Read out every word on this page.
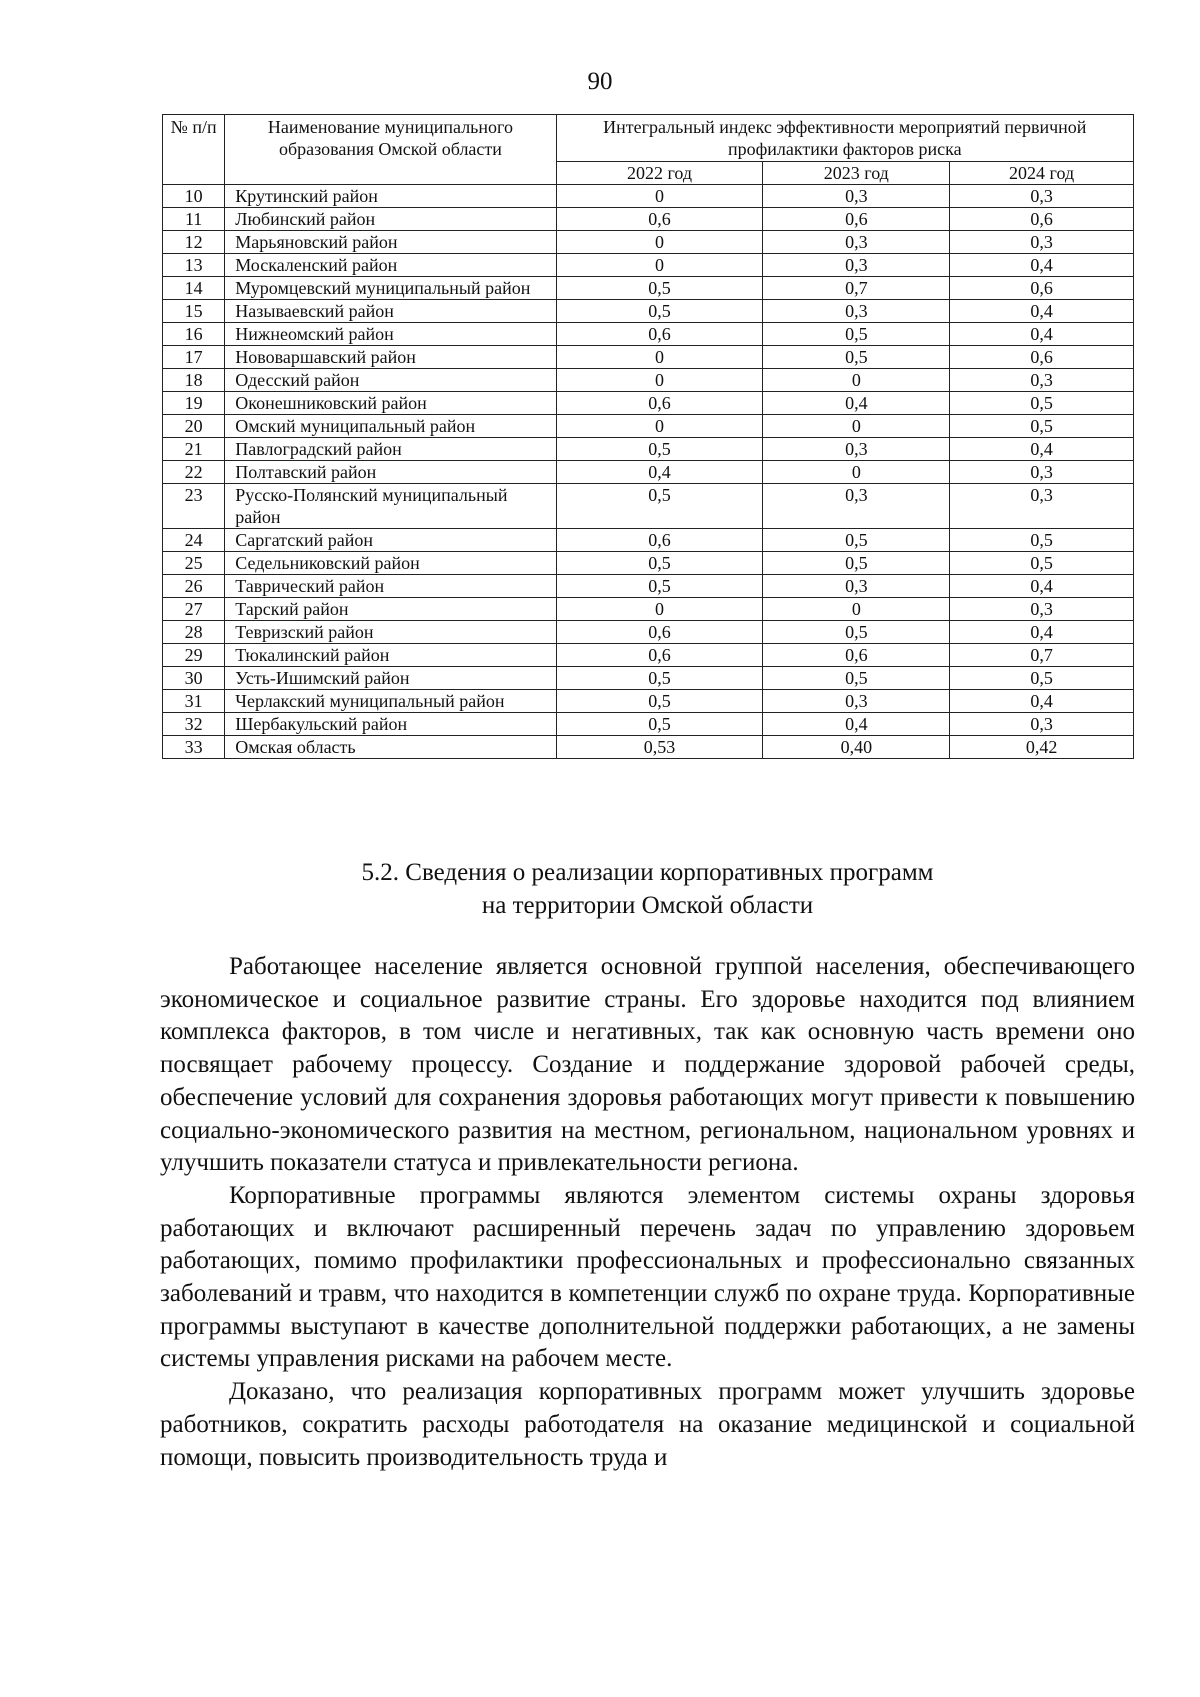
90
№ п/п	Наименование муниципального образования Омской области	Интегральный индекс эффективности мероприятий первичной профилактики факторов риска		
		2022 год	2023 год	2024 год
10	Крутинский район	0	0,3	0,3
11	Любинский район	0,6	0,6	0,6
12	Марьяновский район	0	0,3	0,3
13	Москаленский район	0	0,3	0,4
14	Муромцевский муниципальный район	0,5	0,7	0,6
15	Называевский район	0,5	0,3	0,4
16	Нижнеомский район	0,6	0,5	0,4
17	Нововаршавский район	0	0,5	0,6
18	Одесский район	0	0	0,3
19	Оконешниковский район	0,6	0,4	0,5
20	Омский муниципальный район	0	0	0,5
21	Павлоградский район	0,5	0,3	0,4
22	Полтавский район	0,4	0	0,3
23	Русско-Полянский муниципальный район	0,5	0,3	0,3
24	Саргатский район	0,6	0,5	0,5
25	Седельниковский район	0,5	0,5	0,5
26	Таврический район	0,5	0,3	0,4
27	Тарский район	0	0	0,3
28	Тевризский район	0,6	0,5	0,4
29	Тюкалинский район	0,6	0,6	0,7
30	Усть-Ишимский район	0,5	0,5	0,5
31	Черлакский муниципальный район	0,5	0,3	0,4
32	Шербакульский район	0,5	0,4	0,3
33	Омская область	0,53	0,40	0,42
5.2. Сведения о реализации корпоративных программ
на территории Омской области

Работающее население является основной группой населения, обеспечивающего экономическое и социальное развитие страны. Его здоровье находится под влиянием комплекса факторов, в том числе и негативных, так как основную часть времени оно посвящает рабочему процессу. Создание и поддержание здоровой рабочей среды, обеспечение условий для сохранения здоровья работающих могут привести к повышению социально-экономического развития на местном, региональном, национальном уровнях и улучшить показатели статуса и привлекательности региона.

Корпоративные программы являются элементом системы охраны здоровья работающих и включают расширенный перечень задач по управлению здоровьем работающих, помимо профилактики профессиональных и профессионально связанных заболеваний и травм, что находится в компетенции служб по охране труда. Корпоративные программы выступают в качестве дополнительной поддержки работающих, а не замены системы управления рисками на рабочем месте.

Доказано, что реализация корпоративных программ может улучшить здоровье работников, сократить расходы работодателя на оказание медицинской и социальной помощи, повысить производительность труда и
